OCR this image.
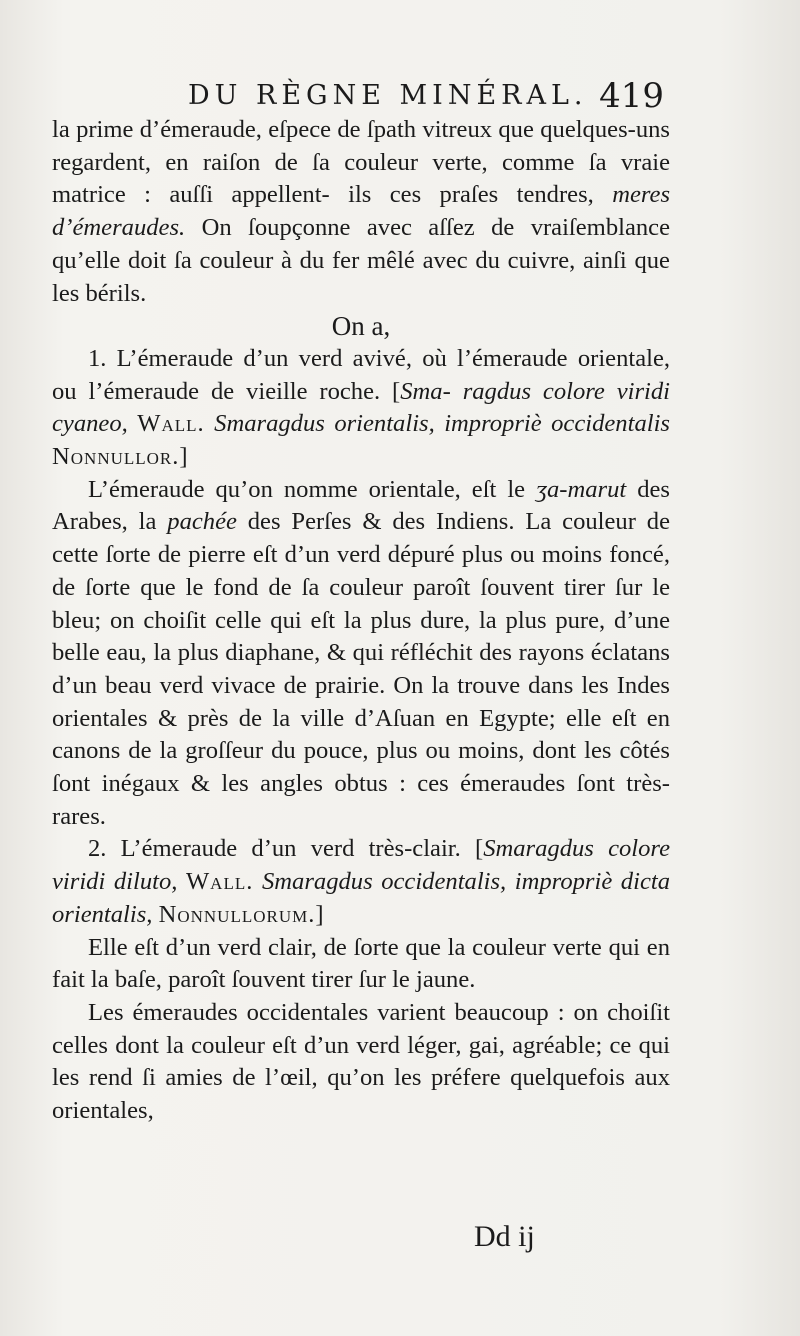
DU RÈGNE MINÉRAL. 419

la prime d’émeraude, eſpece de ſpath vitreux que quelques-uns regardent, en raiſon de ſa couleur verte, comme ſa vraie matrice : auſſi appellent- ils ces praſes tendres, meres d’émeraudes. On ſoupçonne avec aſſez de vraiſemblance qu’elle doit ſa couleur à du fer mêlé avec du cuivre, ainſi que les bérils.

On a,

1. L’émeraude d’un verd avivé, où l’émeraude orientale, ou l’émeraude de vieille roche. [Sma- ragdus colore viridi cyaneo, Wall. Smaragdus orientalis, impropriè occidentalis Nonnullor.]

L’émeraude qu’on nomme orientale, eſt le ʒa-marut des Arabes, la pachée des Perſes & des Indiens. La couleur de cette ſorte de pierre eſt d’un verd dépuré plus ou moins foncé, de ſorte que le fond de ſa couleur paroît ſouvent tirer ſur le bleu; on choiſit celle qui eſt la plus dure, la plus pure, d’une belle eau, la plus diaphane, & qui réfléchit des rayons éclatans d’un beau verd vivace de prairie. On la trouve dans les Indes orientales & près de la ville d’Aſuan en Egypte; elle eſt en canons de la groſſeur du pouce, plus ou moins, dont les côtés ſont inégaux & les angles obtus : ces émeraudes ſont très-rares.

2. L’émeraude d’un verd très-clair. [Smaragdus colore viridi diluto, Wall. Smaragdus occidentalis, impropriè dicta orientalis, Nonnullorum.]

Elle eſt d’un verd clair, de ſorte que la couleur verte qui en fait la baſe, paroît ſouvent tirer ſur le jaune.

Les émeraudes occidentales varient beaucoup : on choiſit celles dont la couleur eſt d’un verd léger, gai, agréable; ce qui les rend ſi amies de l’œil, qu’on les préfere quelquefois aux orientales,

Dd ij
